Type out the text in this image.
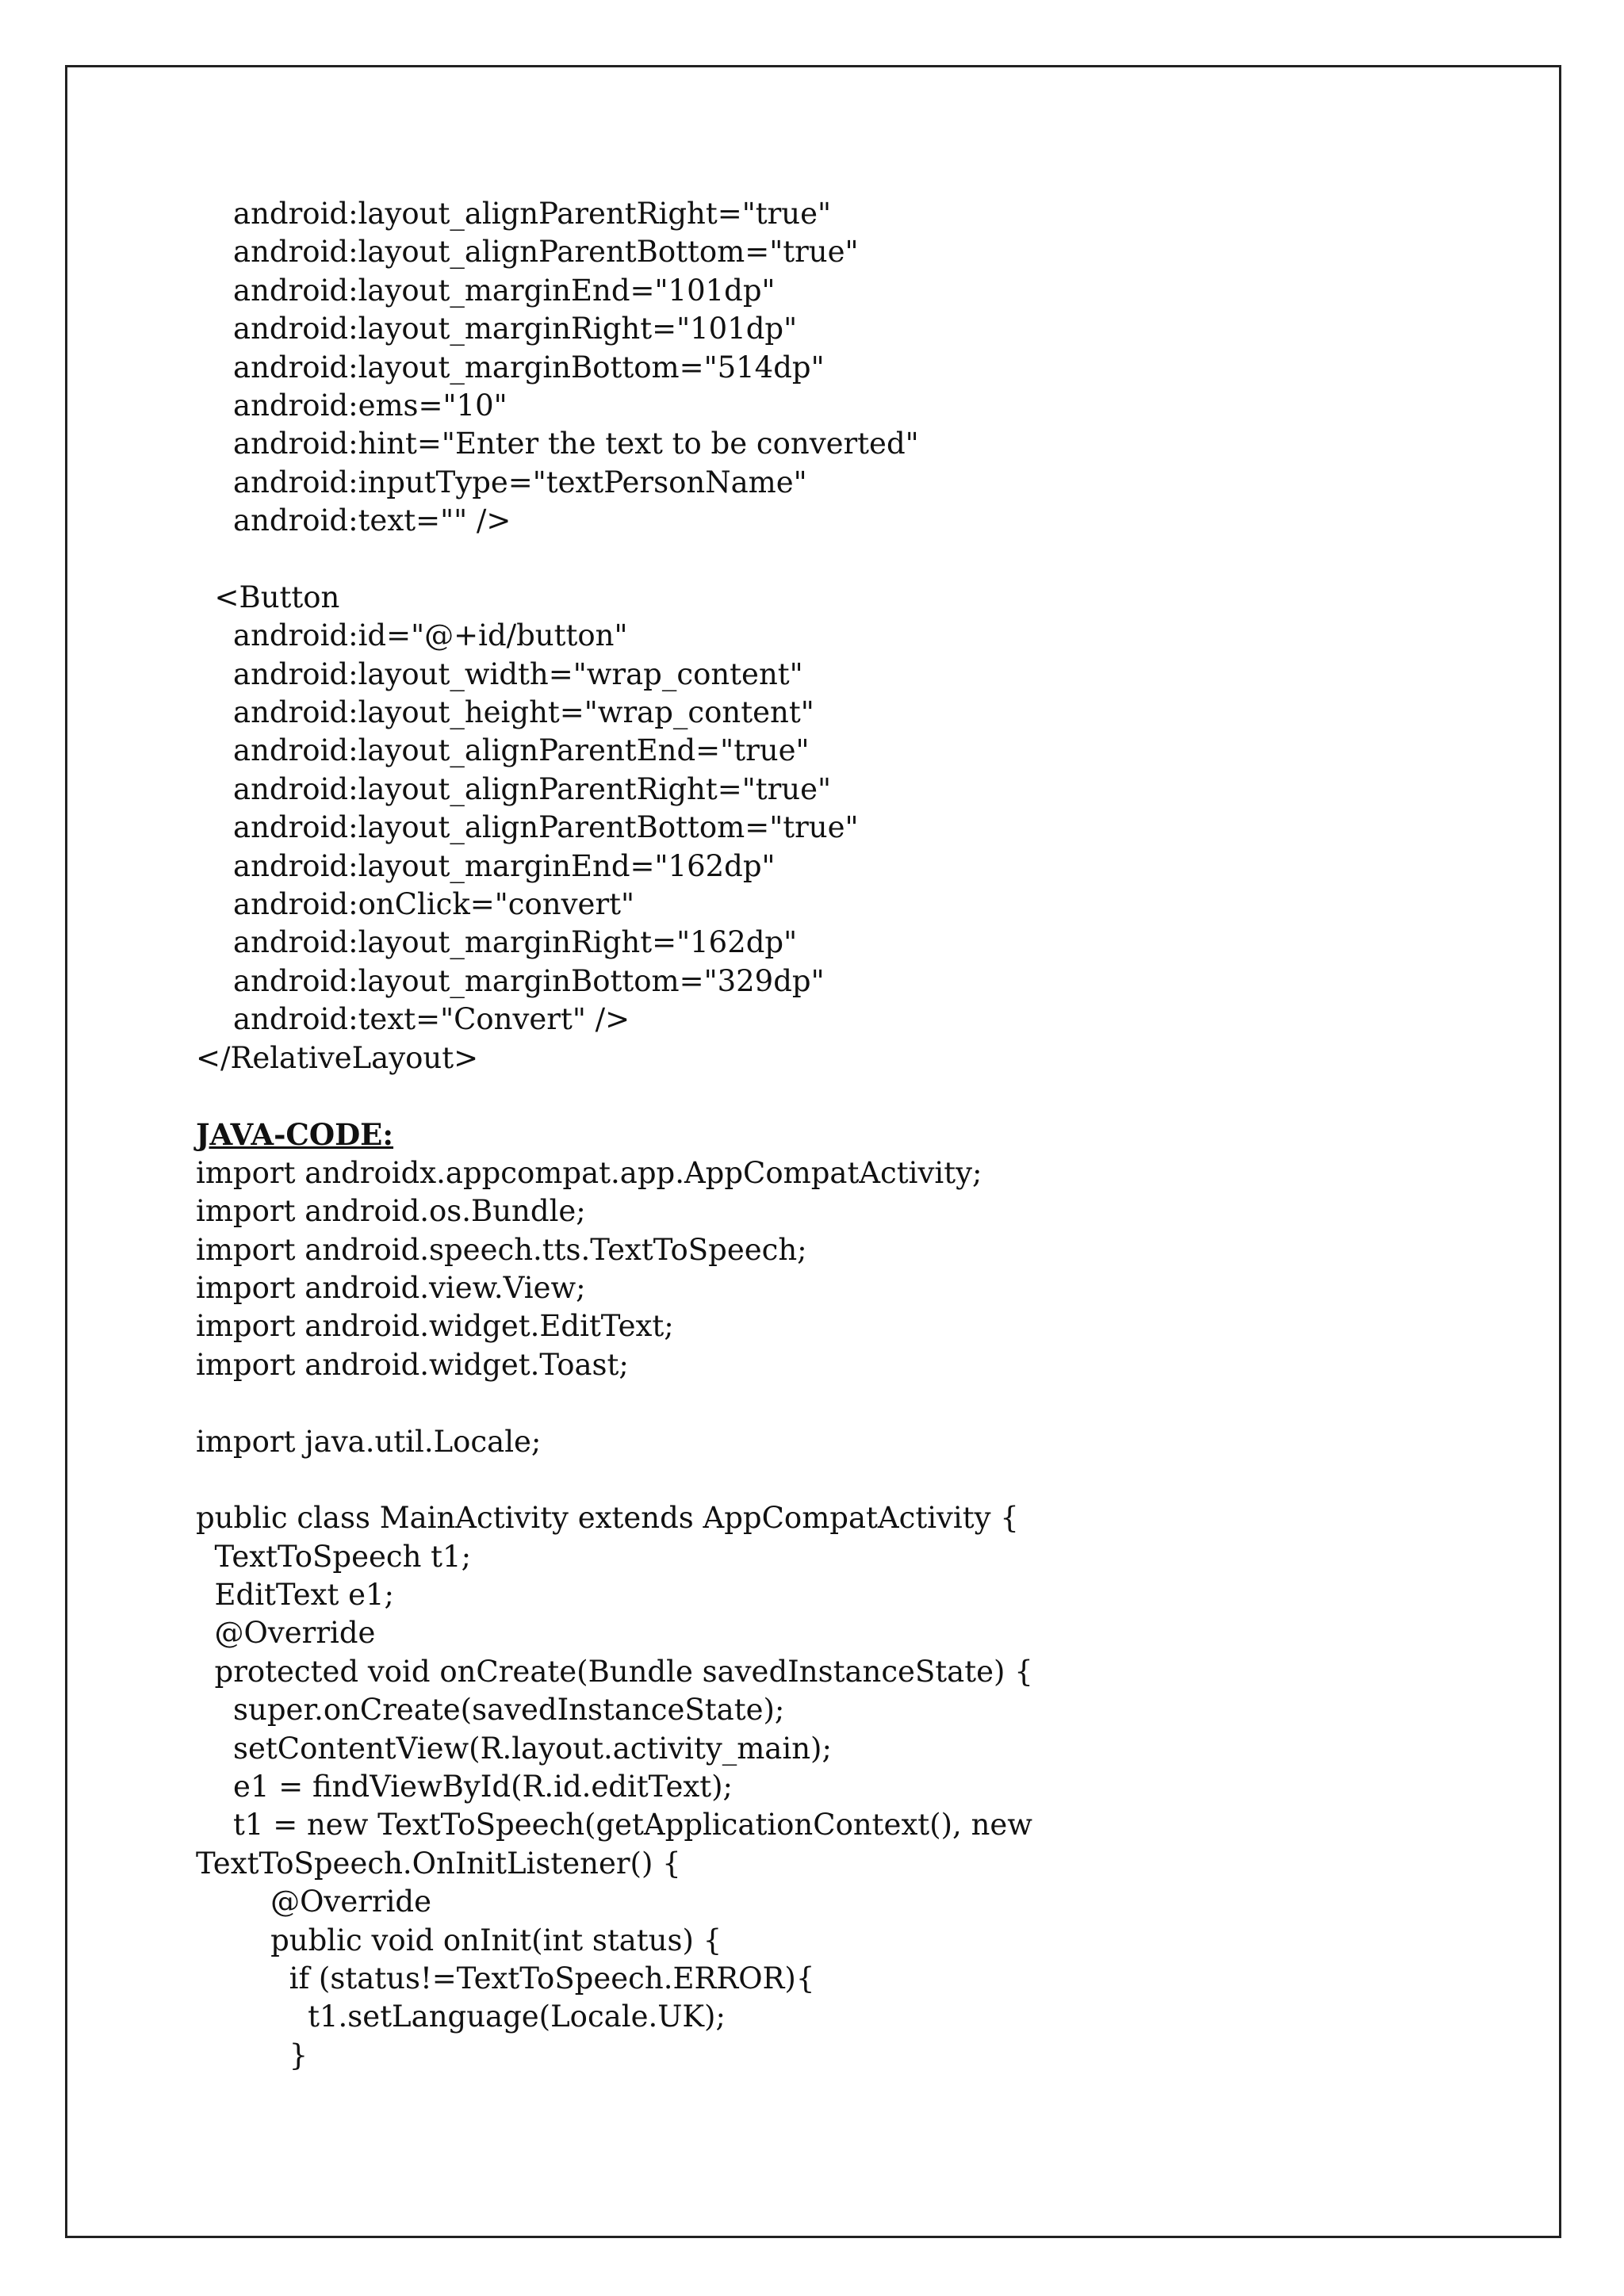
android:layout_alignParentRight="true"
android:layout_alignParentBottom="true"
android:layout_marginEnd="101dp"
android:layout_marginRight="101dp"
android:layout_marginBottom="514dp"
android:ems="10"
android:hint="Enter the text to be converted"
android:inputType="textPersonName"
android:text="" />
<Button
android:id="@+id/button"
android:layout_width="wrap_content"
android:layout_height="wrap_content"
android:layout_alignParentEnd="true"
android:layout_alignParentRight="true"
android:layout_alignParentBottom="true"
android:layout_marginEnd="162dp"
android:onClick="convert"
android:layout_marginRight="162dp"
android:layout_marginBottom="329dp"
android:text="Convert" />
</RelativeLayout>
JAVA-CODE:
import androidx.appcompat.app.AppCompatActivity;
import android.os.Bundle;
import android.speech.tts.TextToSpeech;
import android.view.View;
import android.widget.EditText;
import android.widget.Toast;
import java.util.Locale;
public class MainActivity extends AppCompatActivity {
TextToSpeech t1;
EditText e1;
@Override
protected void onCreate(Bundle savedInstanceState) {
super.onCreate(savedInstanceState);
setContentView(R.layout.activity_main);
e1 = findViewById(R.id.editText);
t1 = new TextToSpeech(getApplicationContext(), new
TextToSpeech.OnInitListener() {
@Override
public void onInit(int status) {
if (status!=TextToSpeech.ERROR){
t1.setLanguage(Locale.UK);
}
